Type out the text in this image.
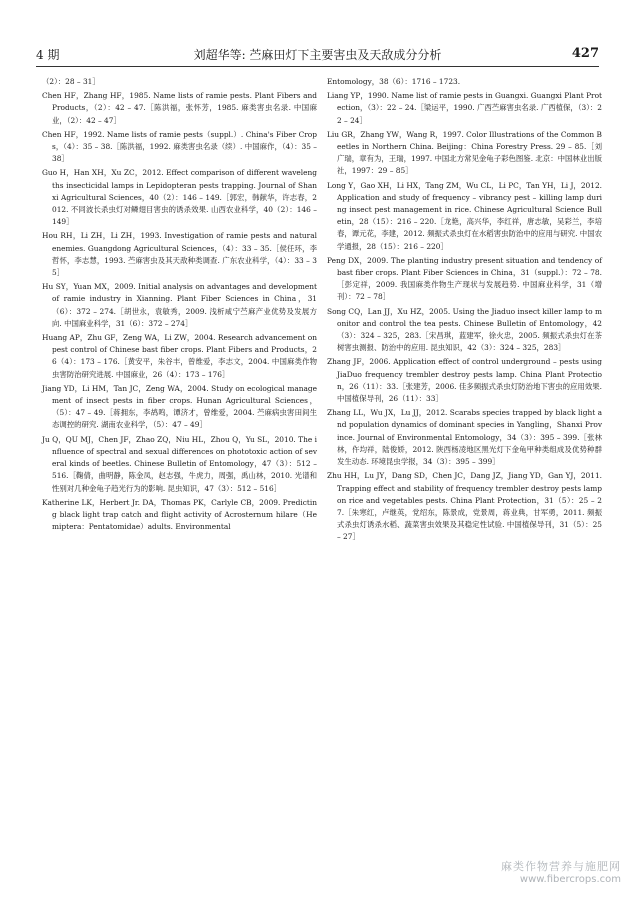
4 期	刘超华等: 苎麻田灯下主要害虫及天敌成分分析	427

（2）：28 – 31］

Chen HF，Zhang HF，1985. Name lists of ramie pests. Plant Fibers and Products，（2）：42 – 47.［陈洪福，张怀芳，1985. 麻类害虫名录. 中国麻业，（2）：42 – 47］

Chen HF，1992. Name lists of ramie pests（suppl.）. China's Fiber Crops，（4）：35 – 38.［陈洪福，1992. 麻类害虫名录（续）. 中国麻作，（4）：35 – 38］

Guo H，Han XH，Xu ZC，2012. Effect comparison of different wavelengths insecticidal lamps in Lepidopteran pests trapping. Journal of Shanxi Agricultural Sciences，40（2）：146 – 149.［郭宏，韩献华，许志春，2012. 不同波长杀虫灯对鳞翅目害虫的诱杀效果. 山西农业科学，40（2）：146 – 149］

Hou RH，Li ZH，Li ZH，1993. Investigation of ramie pests and natural enemies. Guangdong Agricultural Sciences，（4）：33 – 35.［侯任环，李哲怀，李志慧，1993. 苎麻害虫及其天敌种类调查. 广东农业科学，（4）：33 – 35］

Hu SY，Yuan MX，2009. Initial analysis on advantages and development of ramie industry in Xianning. Plant Fiber Sciences in China，31（6）：372 – 274.［胡世永，袁敏秀，2009. 浅析咸宁苎麻产业优势及发展方向. 中国麻业科学，31（6）：372 – 274］

Huang AP，Zhu GF，Zeng WA，Li ZW，2004. Research advancement on pest control of Chinese bast fiber crops. Plant Fibers and Products，26（4）：173 – 176.［黄安平，朱谷丰，曾维爱，李志文，2004. 中国麻类作物虫害防治研究进展. 中国麻业，26（4）：173 – 176］

Jiang YD，Li HM，Tan JC，Zeng WA，2004. Study on ecological management of insect pests in fiber crops. Hunan Agricultural Sciences，（5）：47 – 49.［蒋拥东，李鸪鸣，谭济才，曾维爱，2004. 苎麻病虫害田间生态调控的研究. 湖南农业科学，（5）：47 – 49］

Ju Q，QU MJ，Chen JF，Zhao ZQ，Niu HL，Zhou Q，Yu SL，2010. The influence of spectral and sexual differences on phototoxic action of several kinds of beetles. Chinese Bulletin of Entomology，47（3）：512 – 516.［鞠倩，曲明静，陈金凤，赵志强，牛虎力，周强，禹山林，2010. 光谱和性别对几种金龟子趋光行为的影响. 昆虫知识，47（3）：512 – 516］

Katherine LK，Herbert Jr. DA，Thomas PK，Carlyle CB，2009. Predicting black light trap catch and flight activity of Acrosternum hilare（Hemiptera：Pentatomidae）adults. Environmental

Entomology，38（6）：1716 – 1723.

Liang YP，1990. Name list of ramie pests in Guangxi. Guangxi Plant Protection，（3）：22 – 24.［梁运平，1990. 广西苎麻害虫名录. 广西植保，（3）：22 – 24］

Liu GR，Zhang YW，Wang R，1997. Color Illustrations of the Common Beetles in Northern China. Beijing：China Forestry Press. 29 – 85.［刘广瑞，章有为，王瑞，1997. 中国北方常见金龟子彩色图鉴. 北京：中国林业出版社，1997：29 – 85］

Long Y，Gao XH，Li HX，Tang ZM，Wu CL，Li PC，Tan YH，Li J，2012. Application and study of frequency – vibrancy pest – killing lamp during insect pest management in rice. Chinese Agricultural Science Bulletin，28（15）：216 – 220.［龙艳，高兴华，李红祥，唐志敏，吴彩兰，李培春，谭元花，李建，2012. 频振式杀虫灯在水稻害虫防治中的应用与研究. 中国农学通报，28（15）：216 – 220］

Peng DX，2009. The planting industry present situation and tendency of bast fiber crops. Plant Fiber Sciences in China，31（suppl.）：72 – 78.［彭定祥，2009. 我国麻类作物生产现状与发展趋势. 中国麻业科学，31（增刊）：72 – 78］

Song CQ，Lan JJ，Xu HZ，2005. Using the Jiaduo insect killer lamp to monitor and control the tea pests. Chinese Bulletin of Entomology，42（3）：324 – 325，283.［宋昌琪，蓝建军，徐火忠，2005. 频振式杀虫灯在茶树害虫测报、防治中的应用. 昆虫知识，42（3）：324 – 325，283］

Zhang JF，2006. Application effect of control underground – pests using JiaDuo frequency trembler destroy pests lamp. China Plant Protection，26（11）：33.［张建芳，2006. 佳多频振式杀虫灯防治地下害虫的应用效果. 中国植保导刊，26（11）：33］

Zhang LL，Wu JX，Lu JJ，2012. Scarabs species trapped by black light and population dynamics of dominant species in Yangling，Shanxi Province. Journal of Environmental Entomology，34（3）：395 – 399.［张林林，仵均祥，陆俊娇，2012. 陕西杨凌地区黑光灯下金龟甲种类组成及优势种群发生动态. 环境昆虫学报，34（3）：395 – 399］

Zhu HH，Lu JY，Dang SD，Chen JC，Dang JZ，Jiang YD，Gan YJ，2011. Trapping effect and stability of frequency trembler destroy pests lamp on rice and vegetables pests. China Plant Protection，31（5）：25 – 27.［朱寒红，卢继英，党绍东，陈景成，党景周，蒋业典，甘军勇，2011. 频振式杀虫灯诱杀水稻、蔬菜害虫效果及其稳定性试验. 中国植保导刊，31（5）：25 – 27］

麻类作物营养与施肥网
www.fibercrops.com
